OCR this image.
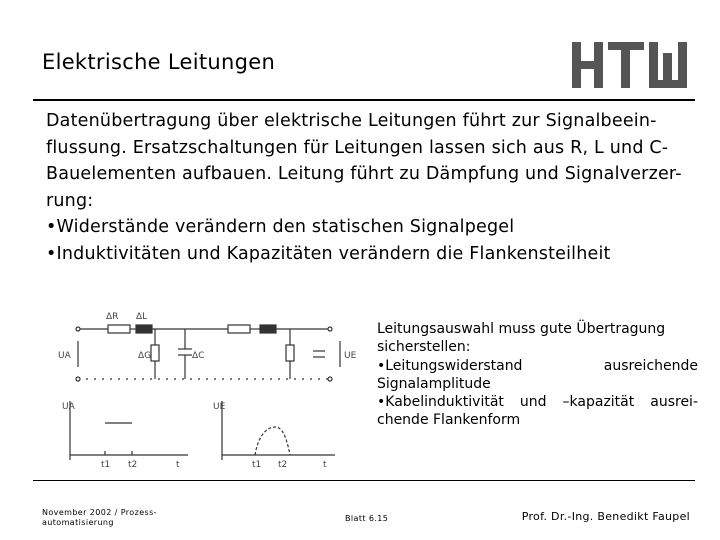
Elektrische Leitungen

Datenübertragung über elektrische Leitungen führt zur Signalbeein-

flussung. Ersatzschaltungen für Leitungen lassen sich aus R, L und C-

Bauelementen aufbauen. Leitung führt zu Dämpfung und Signalverzer-

rung:

•Widerstände verändern den statischen Signalpegel

•Induktivitäten und Kapazitäten verändern die Flankensteilheit

ΔR ΔL
ΔG	ΔC
UA	UE
UA	UE
t1 t2	t	t1 t2	t

Leitungsauswahl muss gute Übertragung

sicherstellen:

•Leitungswiderstand ausreichende

Signalamplitude

•Kabelinduktivität und –kapazität ausrei-

chende Flankenform

November 2002 / Prozess-
automatisierung	Blatt 6.15	Prof. Dr.-Ing. Benedikt Faupel
